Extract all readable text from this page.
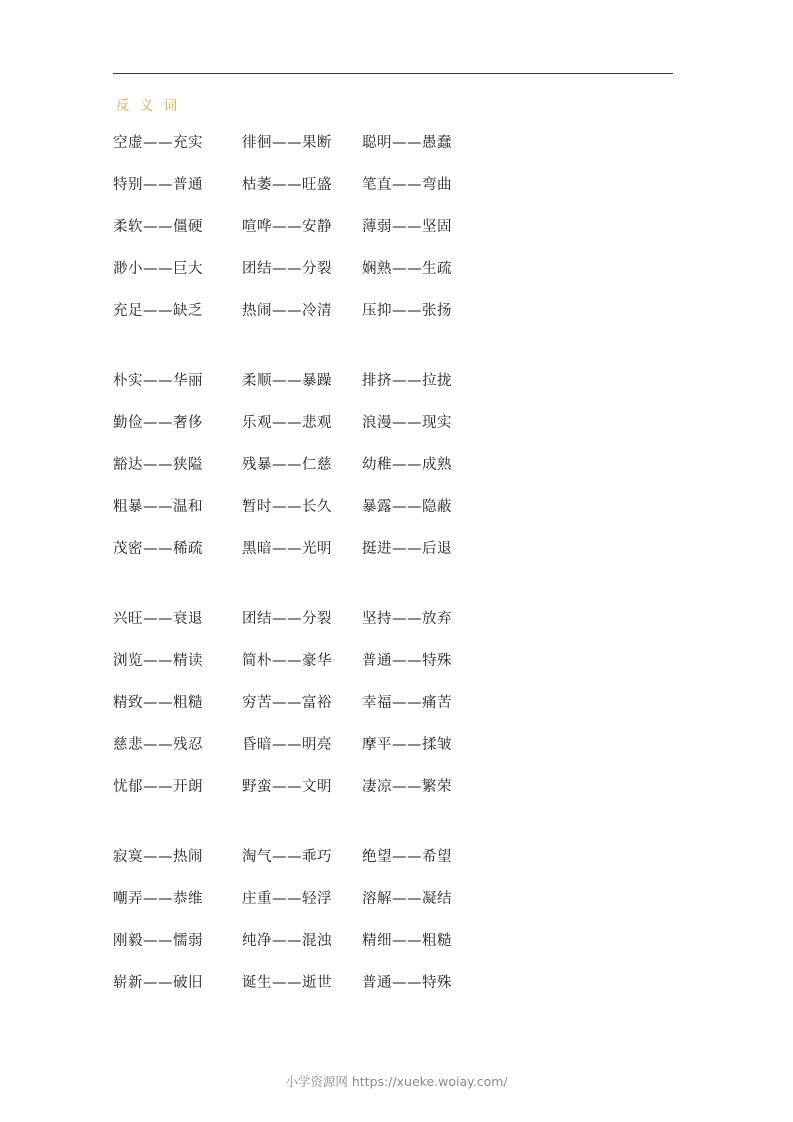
反 义 词
空虚——充实	徘徊——果断 聪明——愚蠢
特别——普通	枯萎——旺盛 笔直——弯曲
柔软——僵硬	喧哗——安静 薄弱——坚固
渺小——巨大	团结——分裂 娴熟——生疏
充足——缺乏	热闹——冷清 压抑——张扬
朴实——华丽	柔顺——暴躁 排挤——拉拢
勤俭——奢侈	乐观——悲观 浪漫——现实
豁达——狭隘	残暴——仁慈 幼稚——成熟
粗暴——温和	暂时——长久 暴露——隐蔽
茂密——稀疏	黑暗——光明 挺进——后退
兴旺——衰退	团结——分裂 坚持——放弃
浏览——精读	简朴——豪华 普通——特殊
精致——粗糙	穷苦——富裕 幸福——痛苦
慈悲——残忍	昏暗——明亮 摩平——揉皱
忧郁——开朗	野蛮——文明 凄凉——繁荣
寂寞——热闹	淘气——乖巧 绝望——希望
嘲弄——恭维	庄重——轻浮 溶解——凝结
刚毅——懦弱	纯净——混浊 精细——粗糙
崭新——破旧	诞生——逝世 普通——特殊
小学资源网 https://xueke.woiay.com/
